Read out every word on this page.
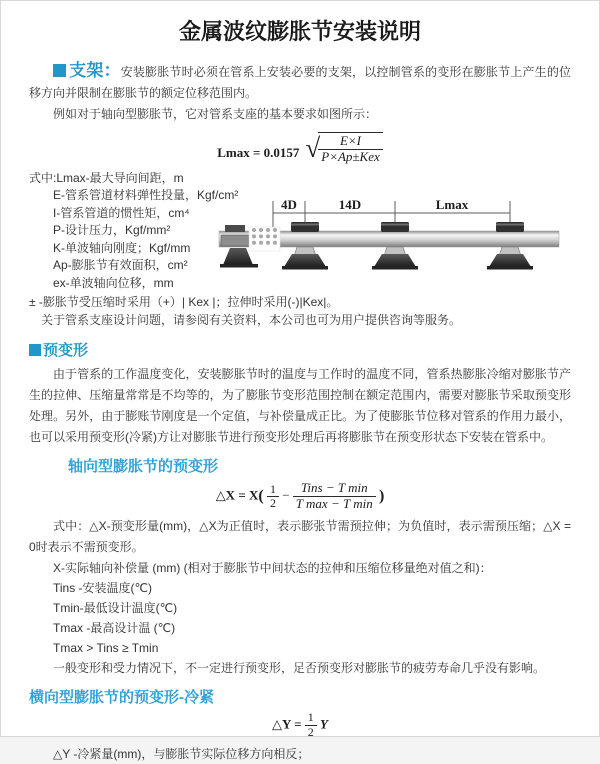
金属波纹膨胀节安装说明

支架：安装膨胀节时必须在管系上安装必要的支架，以控制管系的变形在膨胀节上产生的位移方向并限制在膨胀节的额定位移范围内。

例如对于轴向型膨胀节，它对管系支座的基本要求如图所示：

Lmax = 0.0157 √
$\frac{E\times I}{\text{P×Ap±Kex}}$
式中:Lmax-最大导向间距，m
E-管系管道材料弹性投量，Kgf/cm²
I-管系管道的惯性矩，cm⁴
P-设计压力，Kgf/mm²
K-单波轴向刚度；Kgf/mm
Ap-膨胀节有效面积，cm²
ex-单波轴向位移，mm
4D	14D	Lmax

± -膨胀节受压缩时采用（+）| Kex |；拉伸时采用(-)|Kex|。

关于管系支座设计问题，请参阅有关资料，本公司也可为用户提供咨询等服务。

预变形

由于管系的工作温度变化，安装膨胀节时的温度与工作时的温度不同，管系热膨胀冷缩对膨胀节产生的拉伸、压缩量常常是不均等的，为了膨胀节变形范围控制在额定范围内，需要对膨胀节采取预变形处理。另外，由于膨账节刚度是一个定值，与补偿量成正比。为了使膨胀节位移对管系的作用力最小，也可以采用预变形(冷紧)方让对膨胀节进行预变形处理后再将膨胀节在预变形状态下安装在管系中。

轴向型膨胀节的预变形
△X = $X( \frac{1}{2} - \frac{\text{Tins − T min}}{\text{T max − T min}}$ )

式中：△X-预变形量(mm)，△X为正值时，表示膨张节需预拉伸；为负值时，表示需预压缩；△X = 0时表示不需预变形。

X-实际轴向补偿量 (mm) (相对于膨胀节中间状态的拉伸和压缩位移量绝对值之和)：

Tins -安装温度(℃)
Tmin-最低设计温度(℃)
Tmax -最高设计温 (℃)
Tmax > Tins ≥ Tmin

一般变形和受力情况下，不一定进行预变形，足否预变形对膨胀节的疲劳寿命几乎没有影响。

横向型膨胀节的预变形-冷紧
△Y = $\frac{1}{2}$ Y

△Y -冷紧量(mm)，与膨胀节实际位移方向相反；
